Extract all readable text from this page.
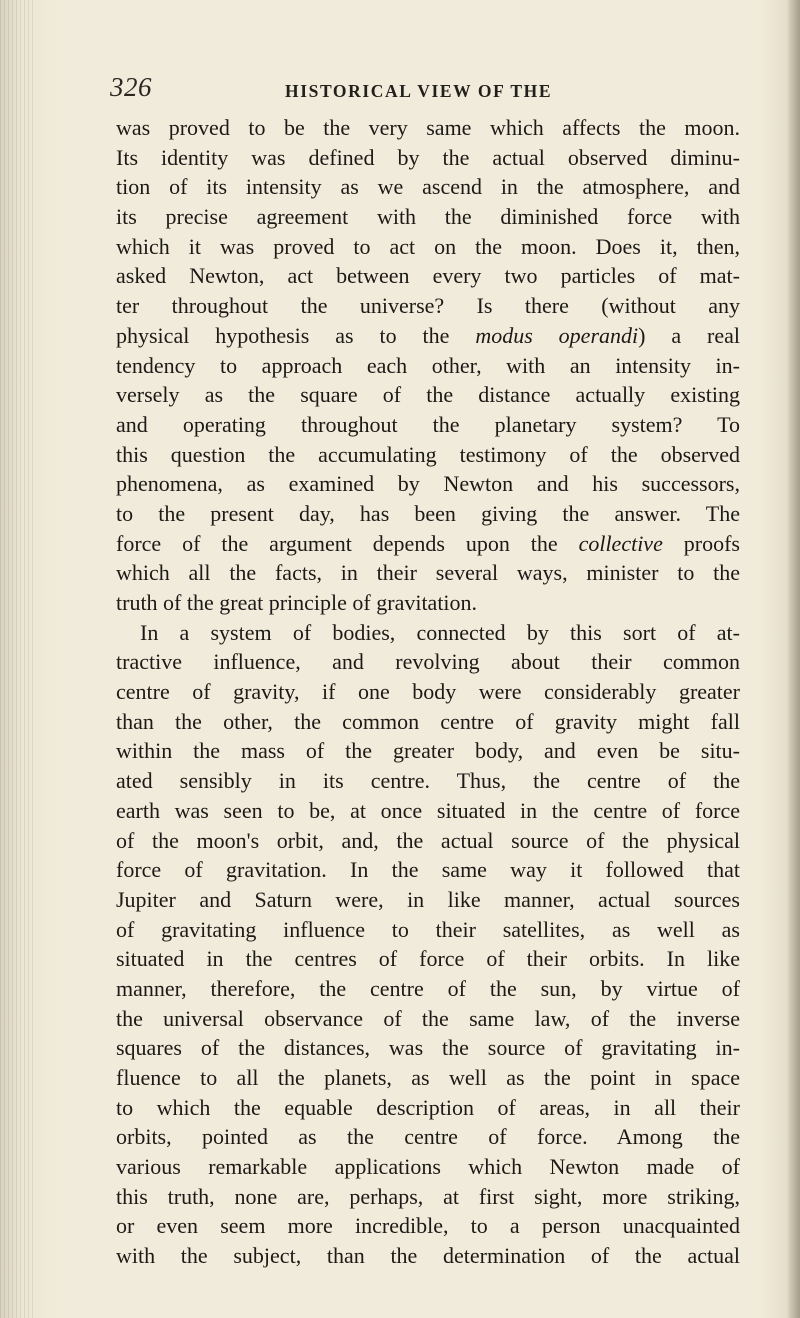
326	HISTORICAL VIEW OF THE
was proved to be the very same which affects the moon.
Its identity was defined by the actual observed diminu-
tion of its intensity as we ascend in the atmosphere, and
its precise agreement with the diminished force with
which it was proved to act on the moon. Does it, then,
asked Newton, act between every two particles of mat-
ter throughout the universe? Is there (without any
physical hypothesis as to the modus operandi) a real
tendency to approach each other, with an intensity in-
versely as the square of the distance actually existing
and operating throughout the planetary system? To
this question the accumulating testimony of the observed
phenomena, as examined by Newton and his successors,
to the present day, has been giving the answer. The
force of the argument depends upon the collective proofs
which all the facts, in their several ways, minister to the
truth of the great principle of gravitation.
In a system of bodies, connected by this sort of at-
tractive influence, and revolving about their common
centre of gravity, if one body were considerably greater
than the other, the common centre of gravity might fall
within the mass of the greater body, and even be situ-
ated sensibly in its centre. Thus, the centre of the
earth was seen to be, at once situated in the centre of force
of the moon's orbit, and, the actual source of the physical
force of gravitation. In the same way it followed that
Jupiter and Saturn were, in like manner, actual sources
of gravitating influence to their satellites, as well as
situated in the centres of force of their orbits. In like
manner, therefore, the centre of the sun, by virtue of
the universal observance of the same law, of the inverse
squares of the distances, was the source of gravitating in-
fluence to all the planets, as well as the point in space
to which the equable description of areas, in all their
orbits, pointed as the centre of force. Among the
various remarkable applications which Newton made of
this truth, none are, perhaps, at first sight, more striking,
or even seem more incredible, to a person unacquainted
with the subject, than the determination of the actual
